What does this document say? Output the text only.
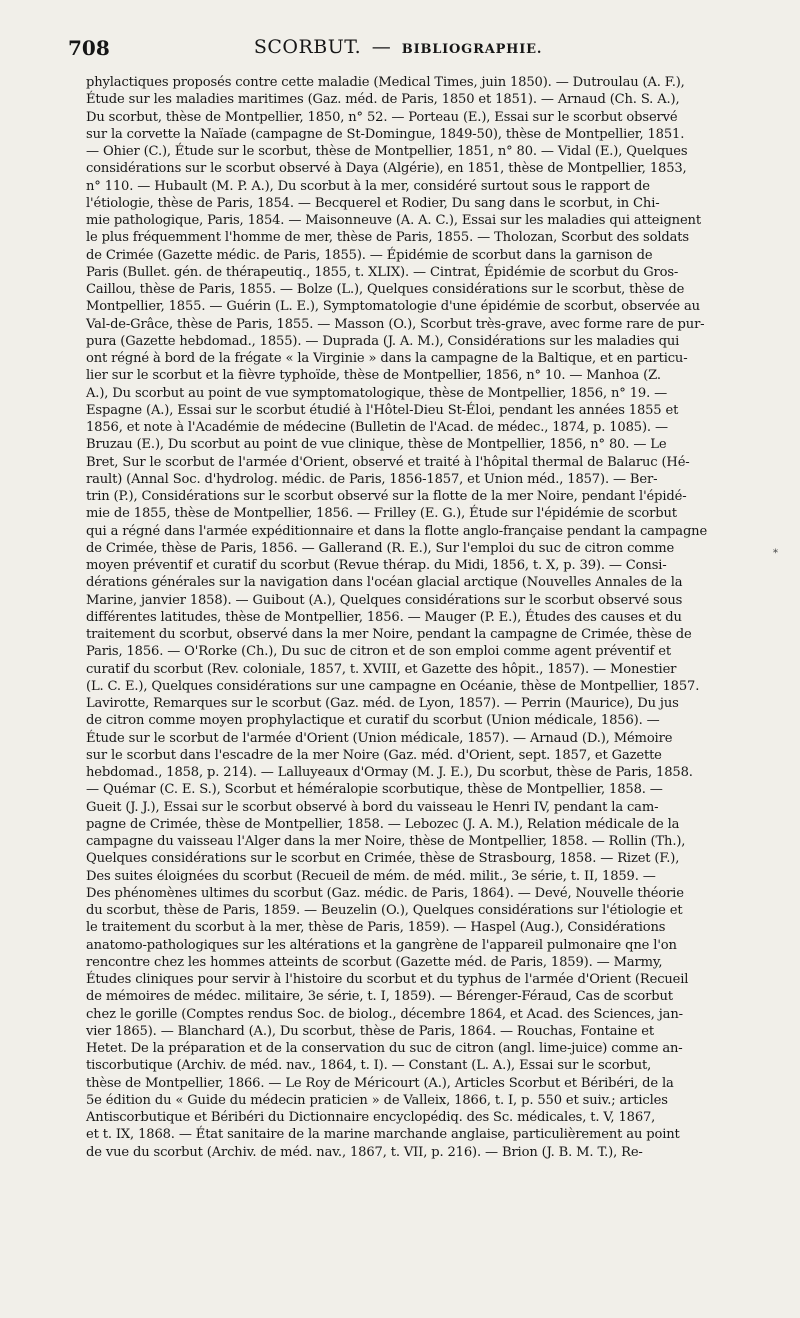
708	SCORBUT. — BIBLIOGRAPHIE.
phylactiques proposés contre cette maladie (Medical Times, juin 1850). — Dutroulau (A. F.),
Étude sur les maladies maritimes (Gaz. méd. de Paris, 1850 et 1851). — Arnaud (Ch. S. A.),
Du scorbut, thèse de Montpellier, 1850, n° 52. — Porteau (E.), Essai sur le scorbut observé
sur la corvette la Naïade (campagne de St-Domingue, 1849-50), thèse de Montpellier, 1851.
— Ohier (C.), Étude sur le scorbut, thèse de Montpellier, 1851, n° 80. — Vidal (E.), Quelques
considérations sur le scorbut observé à Daya (Algérie), en 1851, thèse de Montpellier, 1853,
n° 110. — Hubault (M. P. A.), Du scorbut à la mer, considéré surtout sous le rapport de
l'étiologie, thèse de Paris, 1854. — Becquerel et Rodier, Du sang dans le scorbut, in Chi-
mie pathologique, Paris, 1854. — Maisonneuve (A. A. C.), Essai sur les maladies qui atteignent
le plus fréquemment l'homme de mer, thèse de Paris, 1855. — Tholozan, Scorbut des soldats
de Crimée (Gazette médic. de Paris, 1855). — Épidémie de scorbut dans la garnison de
Paris (Bullet. gén. de thérapeutiq., 1855, t. XLIX). — Cintrat, Épidémie de scorbut du Gros-
Caillou, thèse de Paris, 1855. — Bolze (L.), Quelques considérations sur le scorbut, thèse de
Montpellier, 1855. — Guérin (L. E.), Symptomatologie d'une épidémie de scorbut, observée au
Val-de-Grâce, thèse de Paris, 1855. — Masson (O.), Scorbut très-grave, avec forme rare de pur-
pura (Gazette hebdomad., 1855). — Duprada (J. A. M.), Considérations sur les maladies qui
ont régné à bord de la frégate « la Virginie » dans la campagne de la Baltique, et en particu-
lier sur le scorbut et la fièvre typhoïde, thèse de Montpellier, 1856, n° 10. — Manhoa (Z.
A.), Du scorbut au point de vue symptomatologique, thèse de Montpellier, 1856, n° 19. —
Espagne (A.), Essai sur le scorbut étudié à l'Hôtel-Dieu St-Éloi, pendant les années 1855 et
1856, et note à l'Académie de médecine (Bulletin de l'Acad. de médec., 1874, p. 1085). —
Bruzau (E.), Du scorbut au point de vue clinique, thèse de Montpellier, 1856, n° 80. — Le
Bret, Sur le scorbut de l'armée d'Orient, observé et traité à l'hôpital thermal de Balaruc (Hé-
rault) (Annal Soc. d'hydrolog. médic. de Paris, 1856-1857, et Union méd., 1857). — Ber-
trin (P.), Considérations sur le scorbut observé sur la flotte de la mer Noire, pendant l'épidé-
mie de 1855, thèse de Montpellier, 1856. — Frilley (E. G.), Étude sur l'épidémie de scorbut
qui a régné dans l'armée expéditionnaire et dans la flotte anglo-française pendant la campagne
de Crimée, thèse de Paris, 1856. — Gallerand (R. E.), Sur l'emploi du suc de citron comme
moyen préventif et curatif du scorbut (Revue thérap. du Midi, 1856, t. X, p. 39). — Consi-
dérations générales sur la navigation dans l'océan glacial arctique (Nouvelles Annales de la
Marine, janvier 1858). — Guibout (A.), Quelques considérations sur le scorbut observé sous
différentes latitudes, thèse de Montpellier, 1856. — Mauger (P. E.), Études des causes et du
traitement du scorbut, observé dans la mer Noire, pendant la campagne de Crimée, thèse de
Paris, 1856. — O'Rorke (Ch.), Du suc de citron et de son emploi comme agent préventif et
curatif du scorbut (Rev. coloniale, 1857, t. XVIII, et Gazette des hôpit., 1857). — Monestier
(L. C. E.), Quelques considérations sur une campagne en Océanie, thèse de Montpellier, 1857.
Lavirotte, Remarques sur le scorbut (Gaz. méd. de Lyon, 1857). — Perrin (Maurice), Du jus
de citron comme moyen prophylactique et curatif du scorbut (Union médicale, 1856). —
Étude sur le scorbut de l'armée d'Orient (Union médicale, 1857). — Arnaud (D.), Mémoire
sur le scorbut dans l'escadre de la mer Noire (Gaz. méd. d'Orient, sept. 1857, et Gazette
hebdomad., 1858, p. 214). — Lalluyeaux d'Ormay (M. J. E.), Du scorbut, thèse de Paris, 1858.
— Quémar (C. E. S.), Scorbut et héméralopie scorbutique, thèse de Montpellier, 1858. —
Gueit (J. J.), Essai sur le scorbut observé à bord du vaisseau le Henri IV, pendant la cam-
pagne de Crimée, thèse de Montpellier, 1858. — Lebozec (J. A. M.), Relation médicale de la
campagne du vaisseau l'Alger dans la mer Noire, thèse de Montpellier, 1858. — Rollin (Th.),
Quelques considérations sur le scorbut en Crimée, thèse de Strasbourg, 1858. — Rizet (F.),
Des suites éloignées du scorbut (Recueil de mém. de méd. milit., 3e série, t. II, 1859. —
Des phénomènes ultimes du scorbut (Gaz. médic. de Paris, 1864). — Devé, Nouvelle théorie
du scorbut, thèse de Paris, 1859. — Beuzelin (O.), Quelques considérations sur l'étiologie et
le traitement du scorbut à la mer, thèse de Paris, 1859). — Haspel (Aug.), Considérations
anatomo-pathologiques sur les altérations et la gangrène de l'appareil pulmonaire qne l'on
rencontre chez les hommes atteints de scorbut (Gazette méd. de Paris, 1859). — Marmy,
Études cliniques pour servir à l'histoire du scorbut et du typhus de l'armée d'Orient (Recueil
de mémoires de médec. militaire, 3e série, t. I, 1859). — Bérenger-Féraud, Cas de scorbut
chez le gorille (Comptes rendus Soc. de biolog., décembre 1864, et Acad. des Sciences, jan-
vier 1865). — Blanchard (A.), Du scorbut, thèse de Paris, 1864. — Rouchas, Fontaine et
Hetet. De la préparation et de la conservation du suc de citron (angl. lime-juice) comme an-
tiscorbutique (Archiv. de méd. nav., 1864, t. I). — Constant (L. A.), Essai sur le scorbut,
thèse de Montpellier, 1866. — Le Roy de Méricourt (A.), Articles Scorbut et Béribéri, de la
5e édition du « Guide du médecin praticien » de Valleix, 1866, t. I, p. 550 et suiv.; articles
Antiscorbutique et Béribéri du Dictionnaire encyclopédiq. des Sc. médicales, t. V, 1867,
et t. IX, 1868. — État sanitaire de la marine marchande anglaise, particulièrement au point
de vue du scorbut (Archiv. de méd. nav., 1867, t. VII, p. 216). — Brion (J. B. M. T.), Re-
*
